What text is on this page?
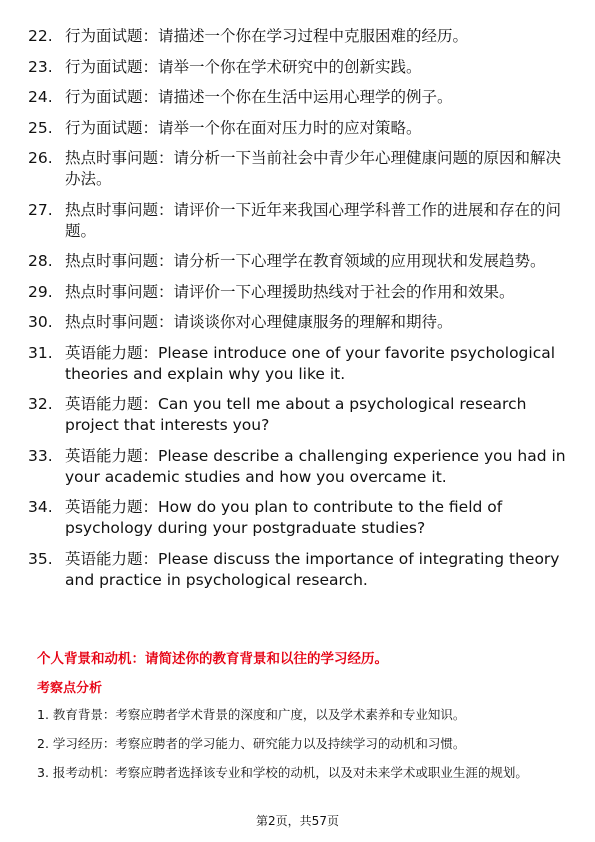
22. 行为面试题：请描述一个你在学习过程中克服困难的经历。
23. 行为面试题：请举一个你在学术研究中的创新实践。
24. 行为面试题：请描述一个你在生活中运用心理学的例子。
25. 行为面试题：请举一个你在面对压力时的应对策略。
26. 热点时事问题：请分析一下当前社会中青少年心理健康问题的原因和解决办法。
27. 热点时事问题：请评价一下近年来我国心理学科普工作的进展和存在的问题。
28. 热点时事问题：请分析一下心理学在教育领域的应用现状和发展趋势。
29. 热点时事问题：请评价一下心理援助热线对于社会的作用和效果。
30. 热点时事问题：请谈谈你对心理健康服务的理解和期待。
31. 英语能力题：Please introduce one of your favorite psychological theories and explain why you like it.
32. 英语能力题：Can you tell me about a psychological research project that interests you?
33. 英语能力题：Please describe a challenging experience you had in your academic studies and how you overcame it.
34. 英语能力题：How do you plan to contribute to the field of psychology during your postgraduate studies?
35. 英语能力题：Please discuss the importance of integrating theory and practice in psychological research.
个人背景和动机：请简述你的教育背景和以往的学习经历。
考察点分析
1. 教育背景：考察应聘者学术背景的深度和广度，以及学术素养和专业知识。
2. 学习经历：考察应聘者的学习能力、研究能力以及持续学习的动机和习惯。
3. 报考动机：考察应聘者选择该专业和学校的动机，以及对未来学术或职业生涯的规划。
第2页，共57页
